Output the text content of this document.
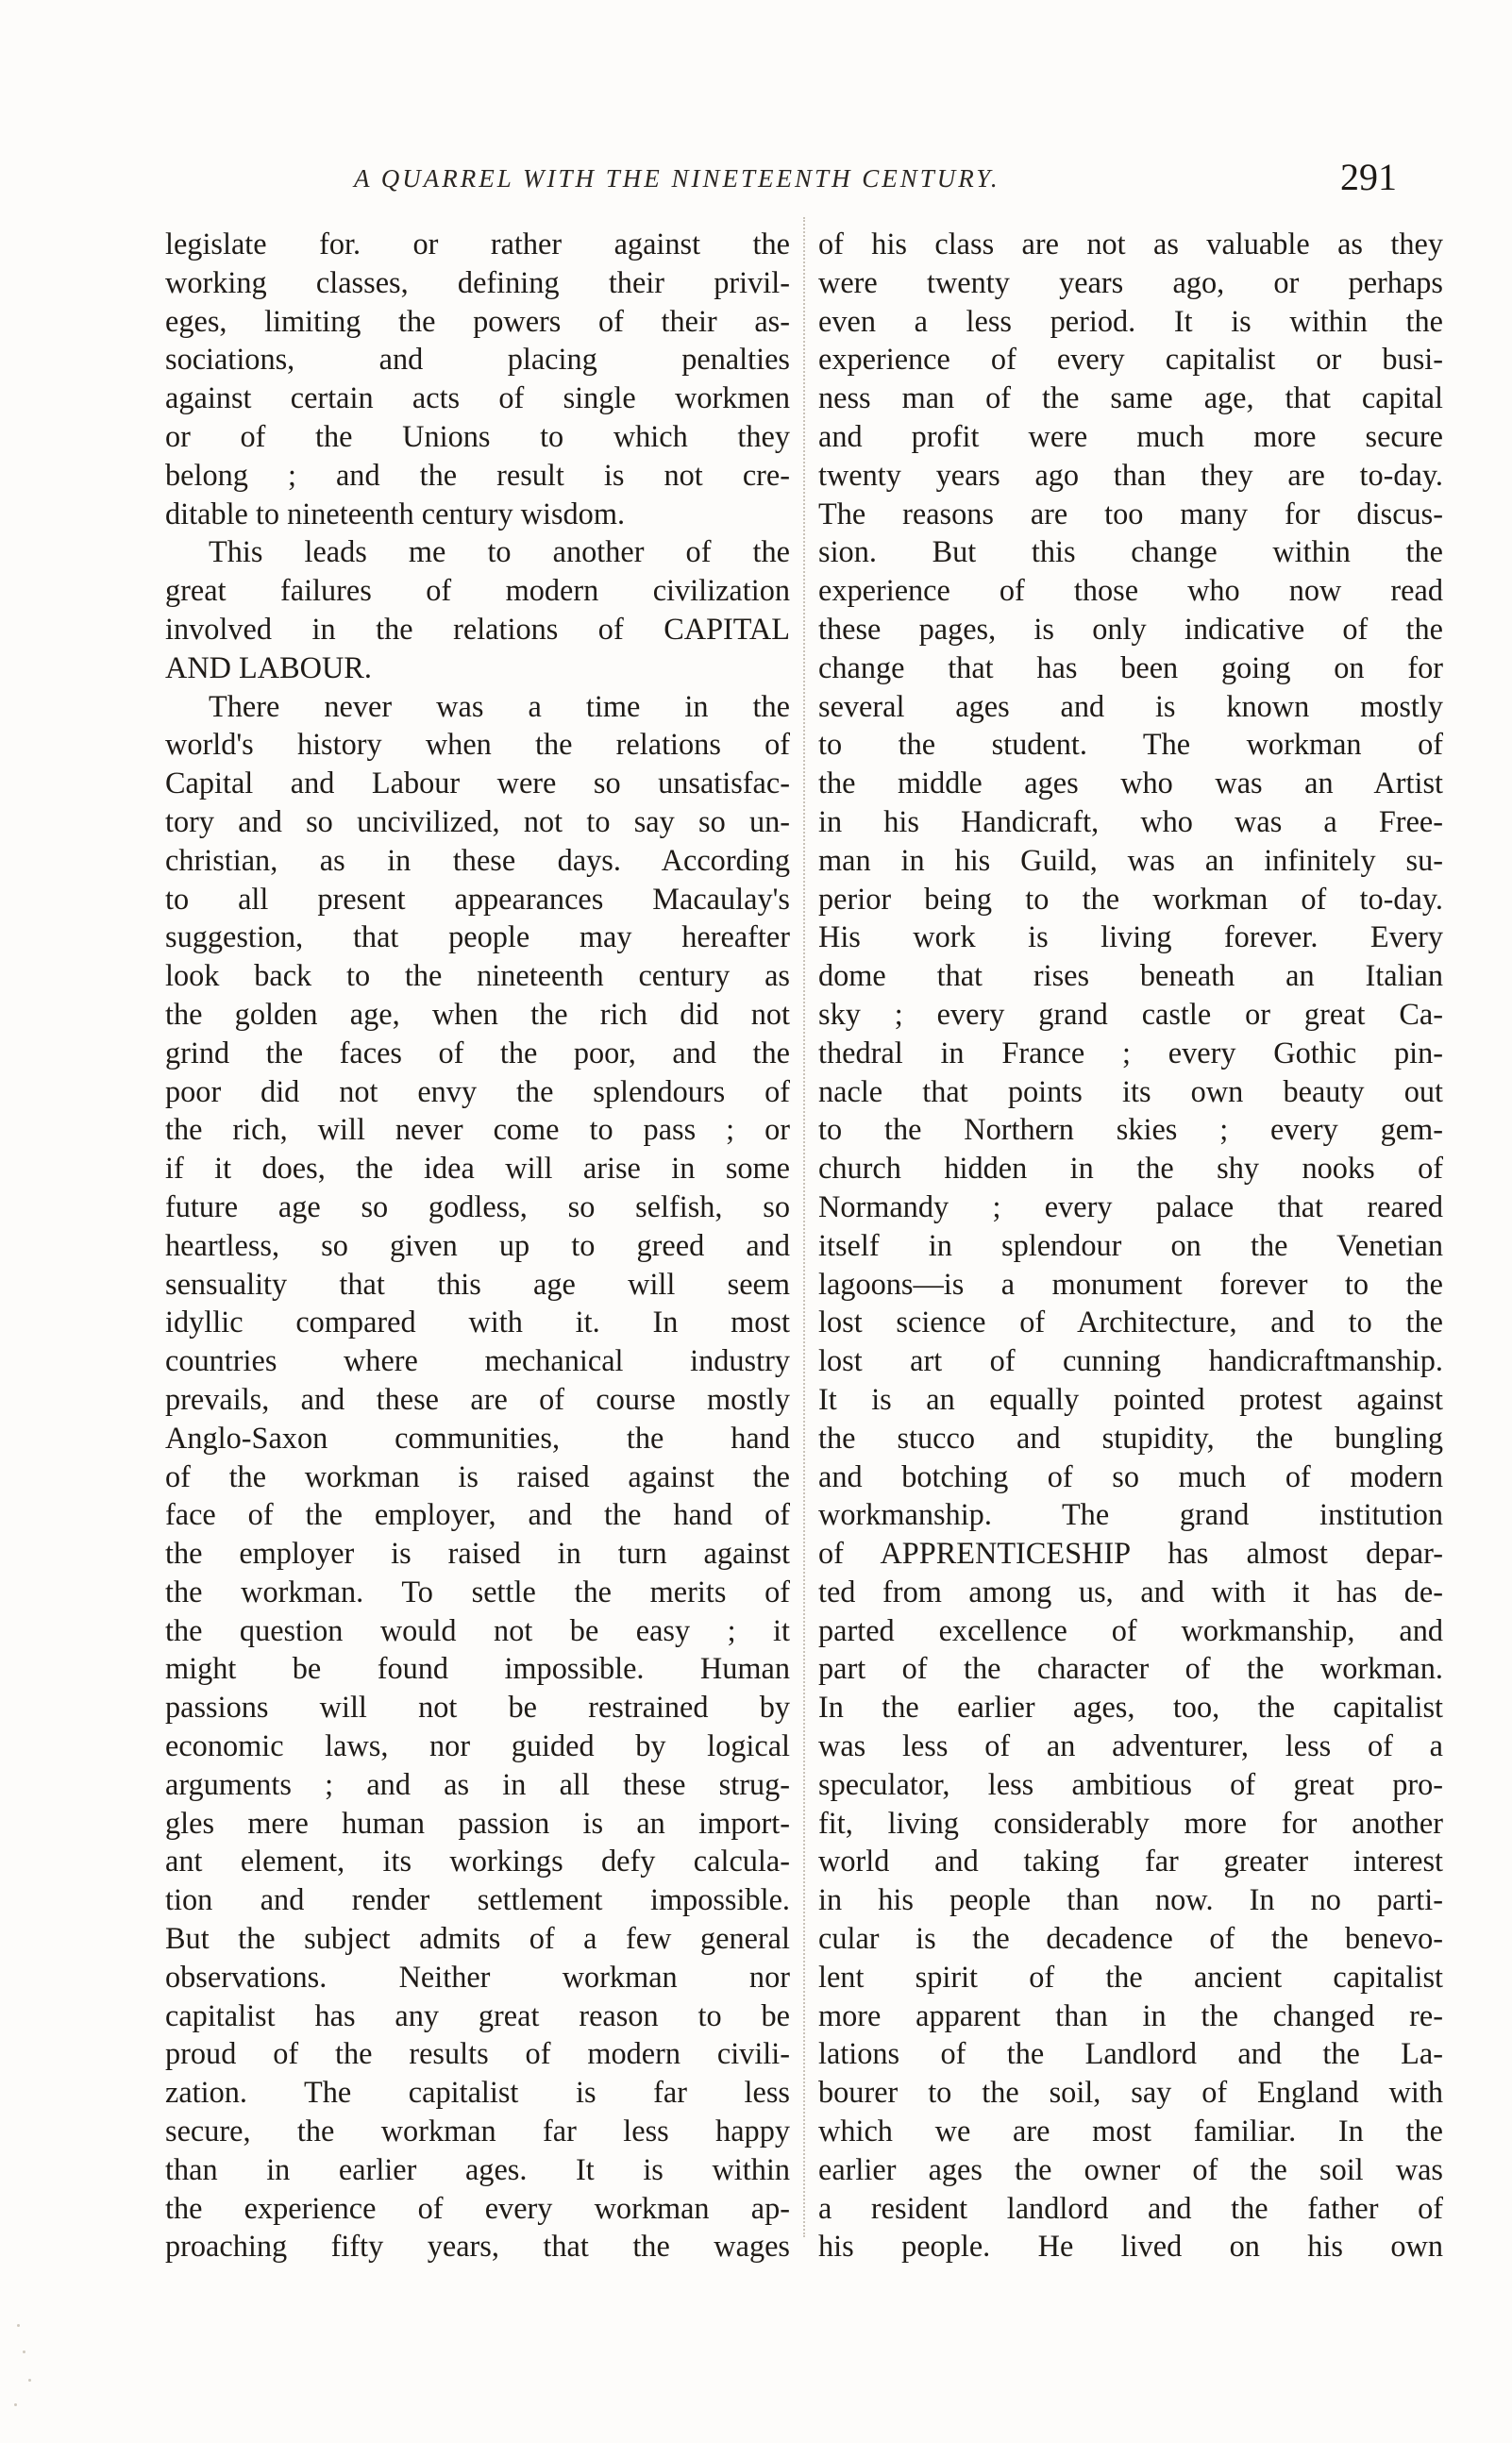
A QUARREL WITH THE NINETEENTH CENTURY.	291
legislate for. or rather against the
working classes, defining their privil-
eges, limiting the powers of their as-
sociations, and placing penalties
against certain acts of single workmen
or of the Unions to which they
belong ; and the result is not cre-
ditable to nineteenth century wisdom.
This leads me to another of the
great failures of modern civilization
involved in the relations of CAPITAL
AND LABOUR.
There never was a time in the
world's history when the relations of
Capital and Labour were so unsatisfac-
tory and so uncivilized, not to say so un-
christian, as in these days. According
to all present appearances Macaulay's
suggestion, that people may hereafter
look back to the nineteenth century as
the golden age, when the rich did not
grind the faces of the poor, and the
poor did not envy the splendours of
the rich, will never come to pass ; or
if it does, the idea will arise in some
future age so godless, so selfish, so
heartless, so given up to greed and
sensuality that this age will seem
idyllic compared with it. In most
countries where mechanical industry
prevails, and these are of course mostly
Anglo-Saxon communities, the hand
of the workman is raised against the
face of the employer, and the hand of
the employer is raised in turn against
the workman. To settle the merits of
the question would not be easy ; it
might be found impossible. Human
passions will not be restrained by
economic laws, nor guided by logical
arguments ; and as in all these strug-
gles mere human passion is an import-
ant element, its workings defy calcula-
tion and render settlement impossible.
But the subject admits of a few general
observations. Neither workman nor
capitalist has any great reason to be
proud of the results of modern civili-
zation. The capitalist is far less
secure, the workman far less happy
than in earlier ages. It is within
the experience of every workman ap-
proaching fifty years, that the wages
of his class are not as valuable as they
were twenty years ago, or perhaps
even a less period. It is within the
experience of every capitalist or busi-
ness man of the same age, that capital
and profit were much more secure
twenty years ago than they are to-day.
The reasons are too many for discus-
sion. But this change within the
experience of those who now read
these pages, is only indicative of the
change that has been going on for
several ages and is known mostly
to the student. The workman of
the middle ages who was an Artist
in his Handicraft, who was a Free-
man in his Guild, was an infinitely su-
perior being to the workman of to-day.
His work is living forever. Every
dome that rises beneath an Italian
sky ; every grand castle or great Ca-
thedral in France ; every Gothic pin-
nacle that points its own beauty out
to the Northern skies ; every gem-
church hidden in the shy nooks of
Normandy ; every palace that reared
itself in splendour on the Venetian
lagoons—is a monument forever to the
lost science of Architecture, and to the
lost art of cunning handicraftmanship.
It is an equally pointed protest against
the stucco and stupidity, the bungling
and botching of so much of modern
workmanship. The grand institution
of APPRENTICESHIP has almost depar-
ted from among us, and with it has de-
parted excellence of workmanship, and
part of the character of the workman.
In the earlier ages, too, the capitalist
was less of an adventurer, less of a
speculator, less ambitious of great pro-
fit, living considerably more for another
world and taking far greater interest
in his people than now. In no parti-
cular is the decadence of the benevo-
lent spirit of the ancient capitalist
more apparent than in the changed re-
lations of the Landlord and the La-
bourer to the soil, say of England with
which we are most familiar. In the
earlier ages the owner of the soil was
a resident landlord and the father of
his people. He lived on his own
